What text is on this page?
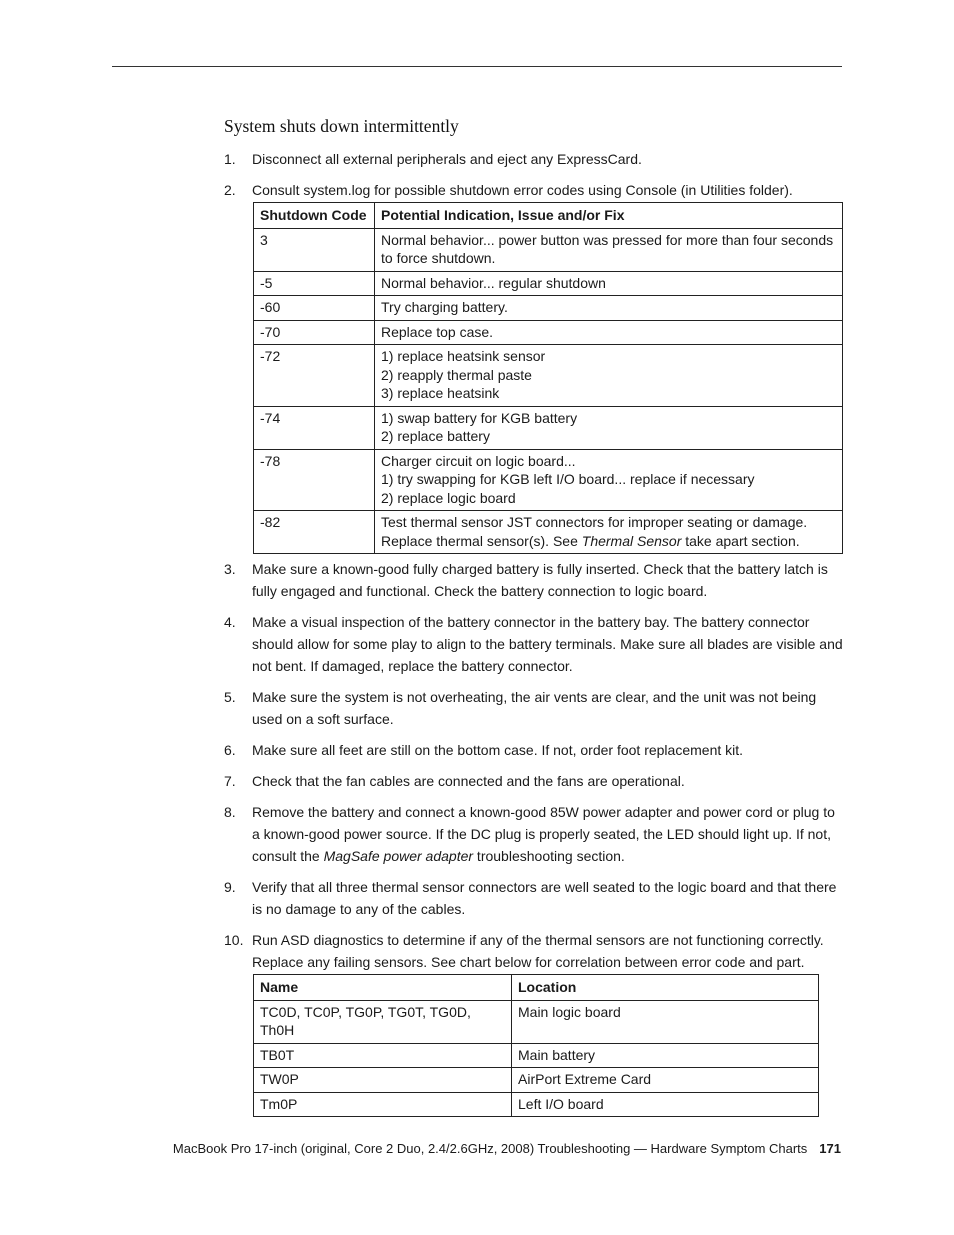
System shuts down intermittently
1.	Disconnect all external peripherals and eject any ExpressCard.
2.	Consult system.log for possible shutdown error codes using Console (in Utilities folder).
Shutdown Code	Potential Indication, Issue and/or Fix
3	Normal behavior... power button was pressed for more than four seconds to force shutdown.
-5	Normal behavior... regular shutdown
-60	Try charging battery.
-70	Replace top case.
-72	1) replace heatsink sensor
2) reapply thermal paste
3) replace heatsink

-74	1) swap battery for KGB battery
2) replace battery

-78	Charger circuit on logic board...
1) try swapping for KGB left I/O board... replace if necessary
2) replace logic board

-82	Test thermal sensor JST connectors for improper seating or damage.
Replace thermal sensor(s). See Thermal Sensor take apart section.
3.	Make sure a known-good fully charged battery is fully inserted. Check that the battery latch is fully engaged and functional. Check the battery connection to logic board.
4.	Make a visual inspection of the battery connector in the battery bay. The battery connector should allow for some play to align to the battery terminals. Make sure all blades are visible and not bent. If damaged, replace the battery connector.
5.	Make sure the system is not overheating, the air vents are clear, and the unit was not being used on a soft surface.
6.	Make sure all feet are still on the bottom case. If not, order foot replacement kit.
7.	Check that the fan cables are connected and the fans are operational.
8.	Remove the battery and connect a known-good 85W power adapter and power cord or plug to a known-good power source. If the DC plug is properly seated, the LED should light up. If not, consult the MagSafe power adapter troubleshooting section.
9.	Verify that all three thermal sensor connectors are well seated to the logic board and that there is no damage to any of the cables.
10. Run ASD diagnostics to determine if any of the thermal sensors are not functioning correctly. Replace any failing sensors. See chart below for correlation between error code and part.
Name	Location
TC0D, TC0P, TG0P, TG0T, TG0D, Th0H	Main logic board
TB0T	Main battery
TW0P	AirPort Extreme Card
Tm0P	Left I/O board
MacBook Pro 17-inch (original, Core 2 Duo, 2.4/2.6GHz, 2008) Troubleshooting — Hardware Symptom Charts 171
